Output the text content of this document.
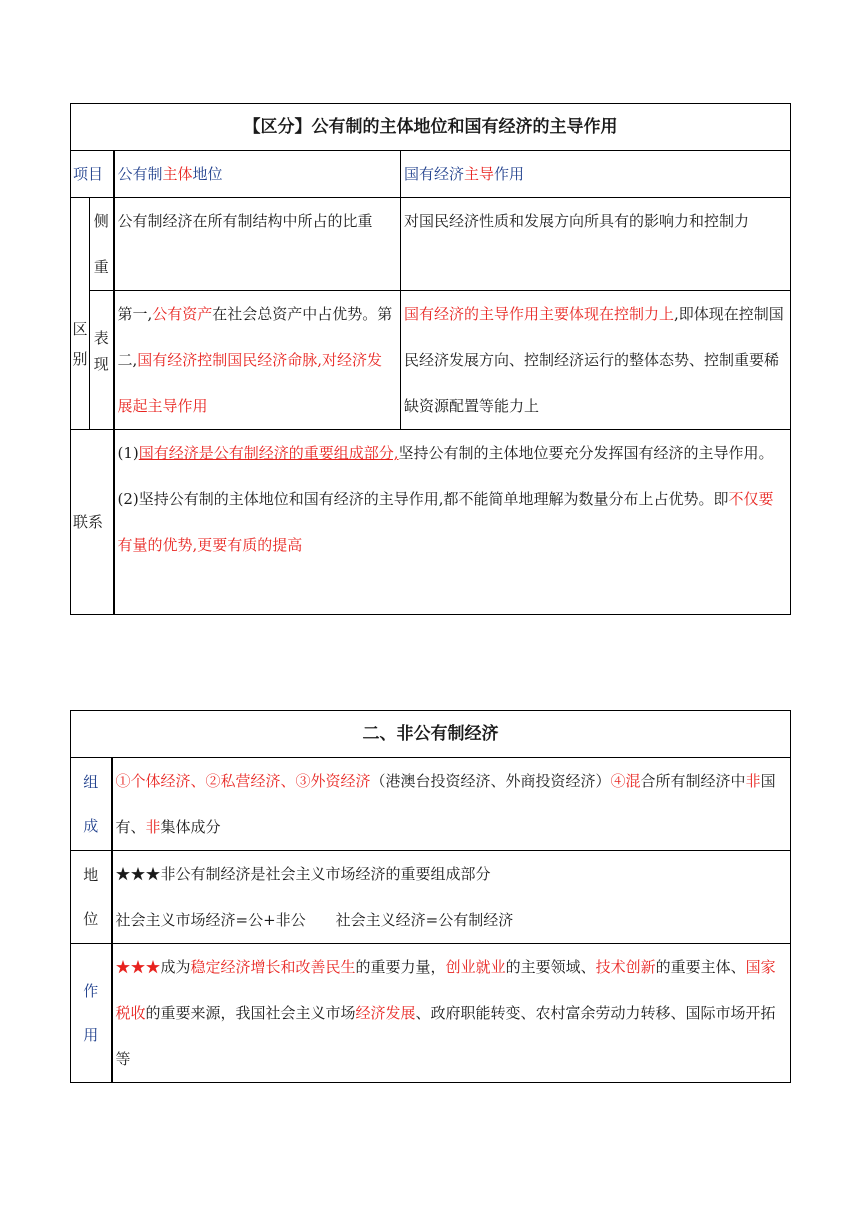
【区分】公有制的主体地位和国有经济的主导作用			
项目		公有制主体地位	国有经济主导作用

区
别	侧
重	公有制经济在所有制结构中所占的比重	对国民经济性质和发展方向所具有的影响力和控制力

	表
现	第一,公有资产在社会总资产中占优势。第二,国有经济控制国民经济命脉,对经济发展起主导作用	国有经济的主导作用主要体现在控制力上,即体现在控制国民经济发展方向、控制经济运行的整体态势、控制重要稀缺资源配置等能力上
联系		(1)国有经济是公有制经济的重要组成部分,坚持公有制的主体地位要充分发挥国有经济的主导作用。
(2)坚持公有制的主体地位和国有经济的主导作用,都不能简单地理解为数量分布上占优势。即不仅要有量的优势,更要有质的提高	
二、非公有制经济	

组
成	①个体经济、②私营经济、③外资经济（港澳台投资经济、外商投资经济）④混合所有制经济中非国有、非集体成分

地
位	★★★非公有制经济是社会主义市场经济的重要组成部分
社会主义市场经济=公+非公　　社会主义经济=公有制经济

作
用	★★★成为稳定经济增长和改善民生的重要力量，创业就业的主要领域、技术创新的重要主体、国家税收的重要来源，我国社会主义市场经济发展、政府职能转变、农村富余劳动力转移、国际市场开拓等
